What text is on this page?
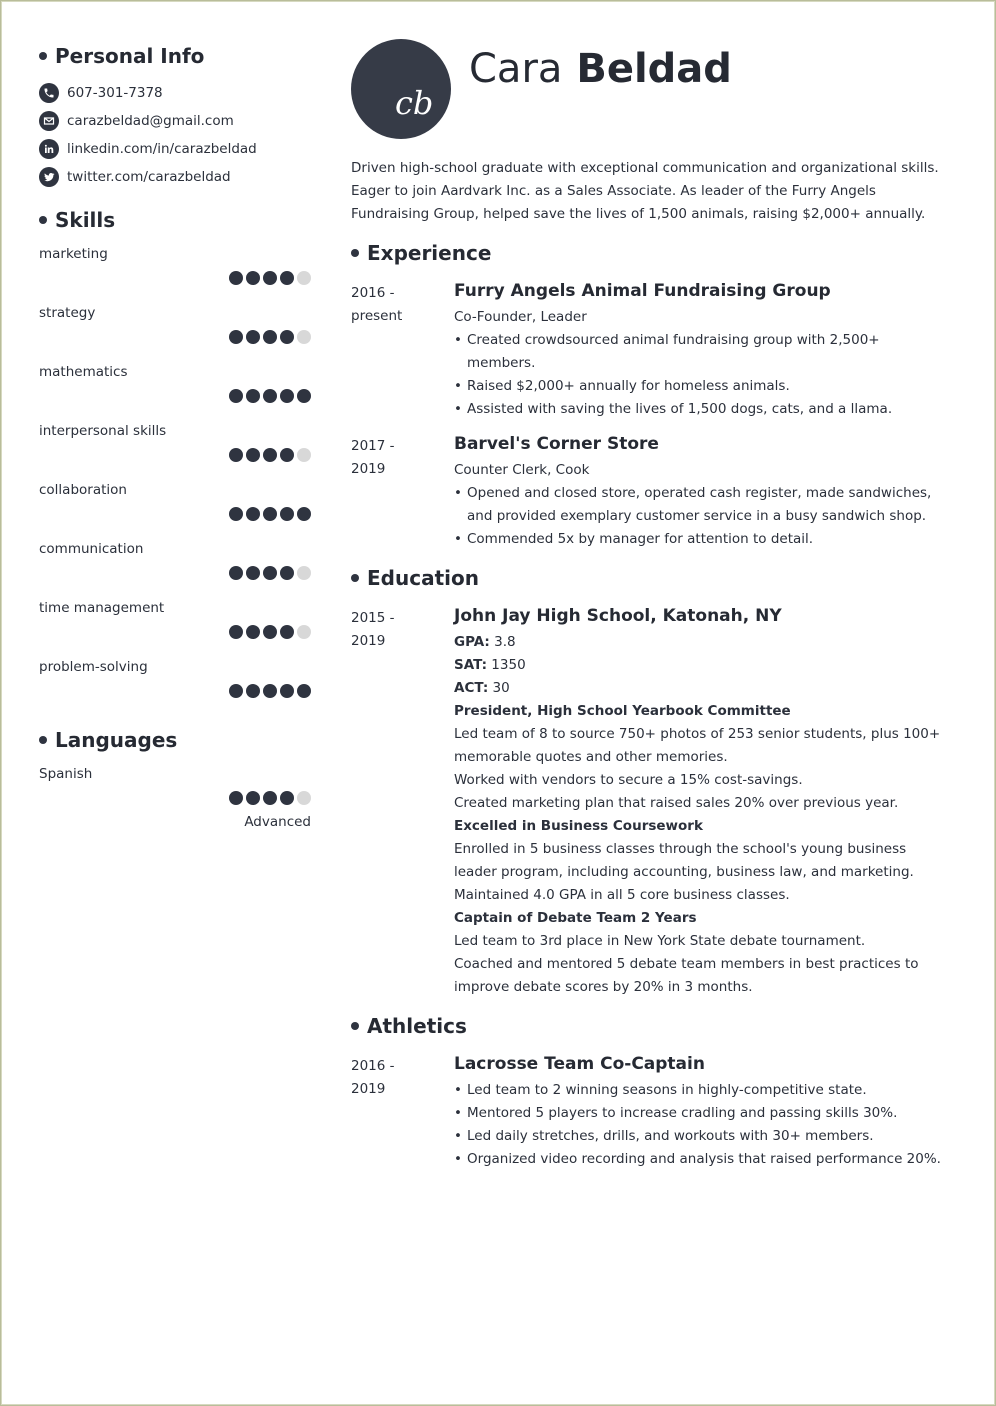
Personal Info
607-301-7378
carazbeldad@gmail.com
linkedin.com/in/carazbeldad
twitter.com/carazbeldad
Skills
marketing
strategy
mathematics
interpersonal skills
collaboration
communication
time management
problem-solving
Languages
Spanish
Advanced
cb
Cara Beldad

Driven high-school graduate with exceptional communication and organizational skills. Eager to join Aardvark Inc. as a Sales Associate. As leader of the Furry Angels Fundraising Group, helped save the lives of 1,500 animals, raising $2,000+ annually.

Experience
2016 -
present
Furry Angels Animal Fundraising Group

Co-Founder, Leader

• Created crowdsourced animal fundraising group with 2,500+ members.
• Raised $2,000+ annually for homeless animals.
• Assisted with saving the lives of 1,500 dogs, cats, and a llama.
2017 -
2019
Barvel's Corner Store

Counter Clerk, Cook

• Opened and closed store, operated cash register, made sandwiches, and provided exemplary customer service in a busy sandwich shop.
• Commended 5x by manager for attention to detail.
Education
2015 -
2019
John Jay High School, Katonah, NY

GPA: 3.8

SAT: 1350

ACT: 30

President, High School Yearbook Committee

Led team of 8 to source 750+ photos of 253 senior students, plus 100+ memorable quotes and other memories.

Worked with vendors to secure a 15% cost-savings.

Created marketing plan that raised sales 20% over previous year.

Excelled in Business Coursework

Enrolled in 5 business classes through the school's young business leader program, including accounting, business law, and marketing.

Maintained 4.0 GPA in all 5 core business classes.

Captain of Debate Team 2 Years

Led team to 3rd place in New York State debate tournament.

Coached and mentored 5 debate team members in best practices to improve debate scores by 20% in 3 months.

Athletics
2016 -
2019
Lacrosse Team Co-Captain
• Led team to 2 winning seasons in highly-competitive state.
• Mentored 5 players to increase cradling and passing skills 30%.
• Led daily stretches, drills, and workouts with 30+ members.
• Organized video recording and analysis that raised performance 20%.
